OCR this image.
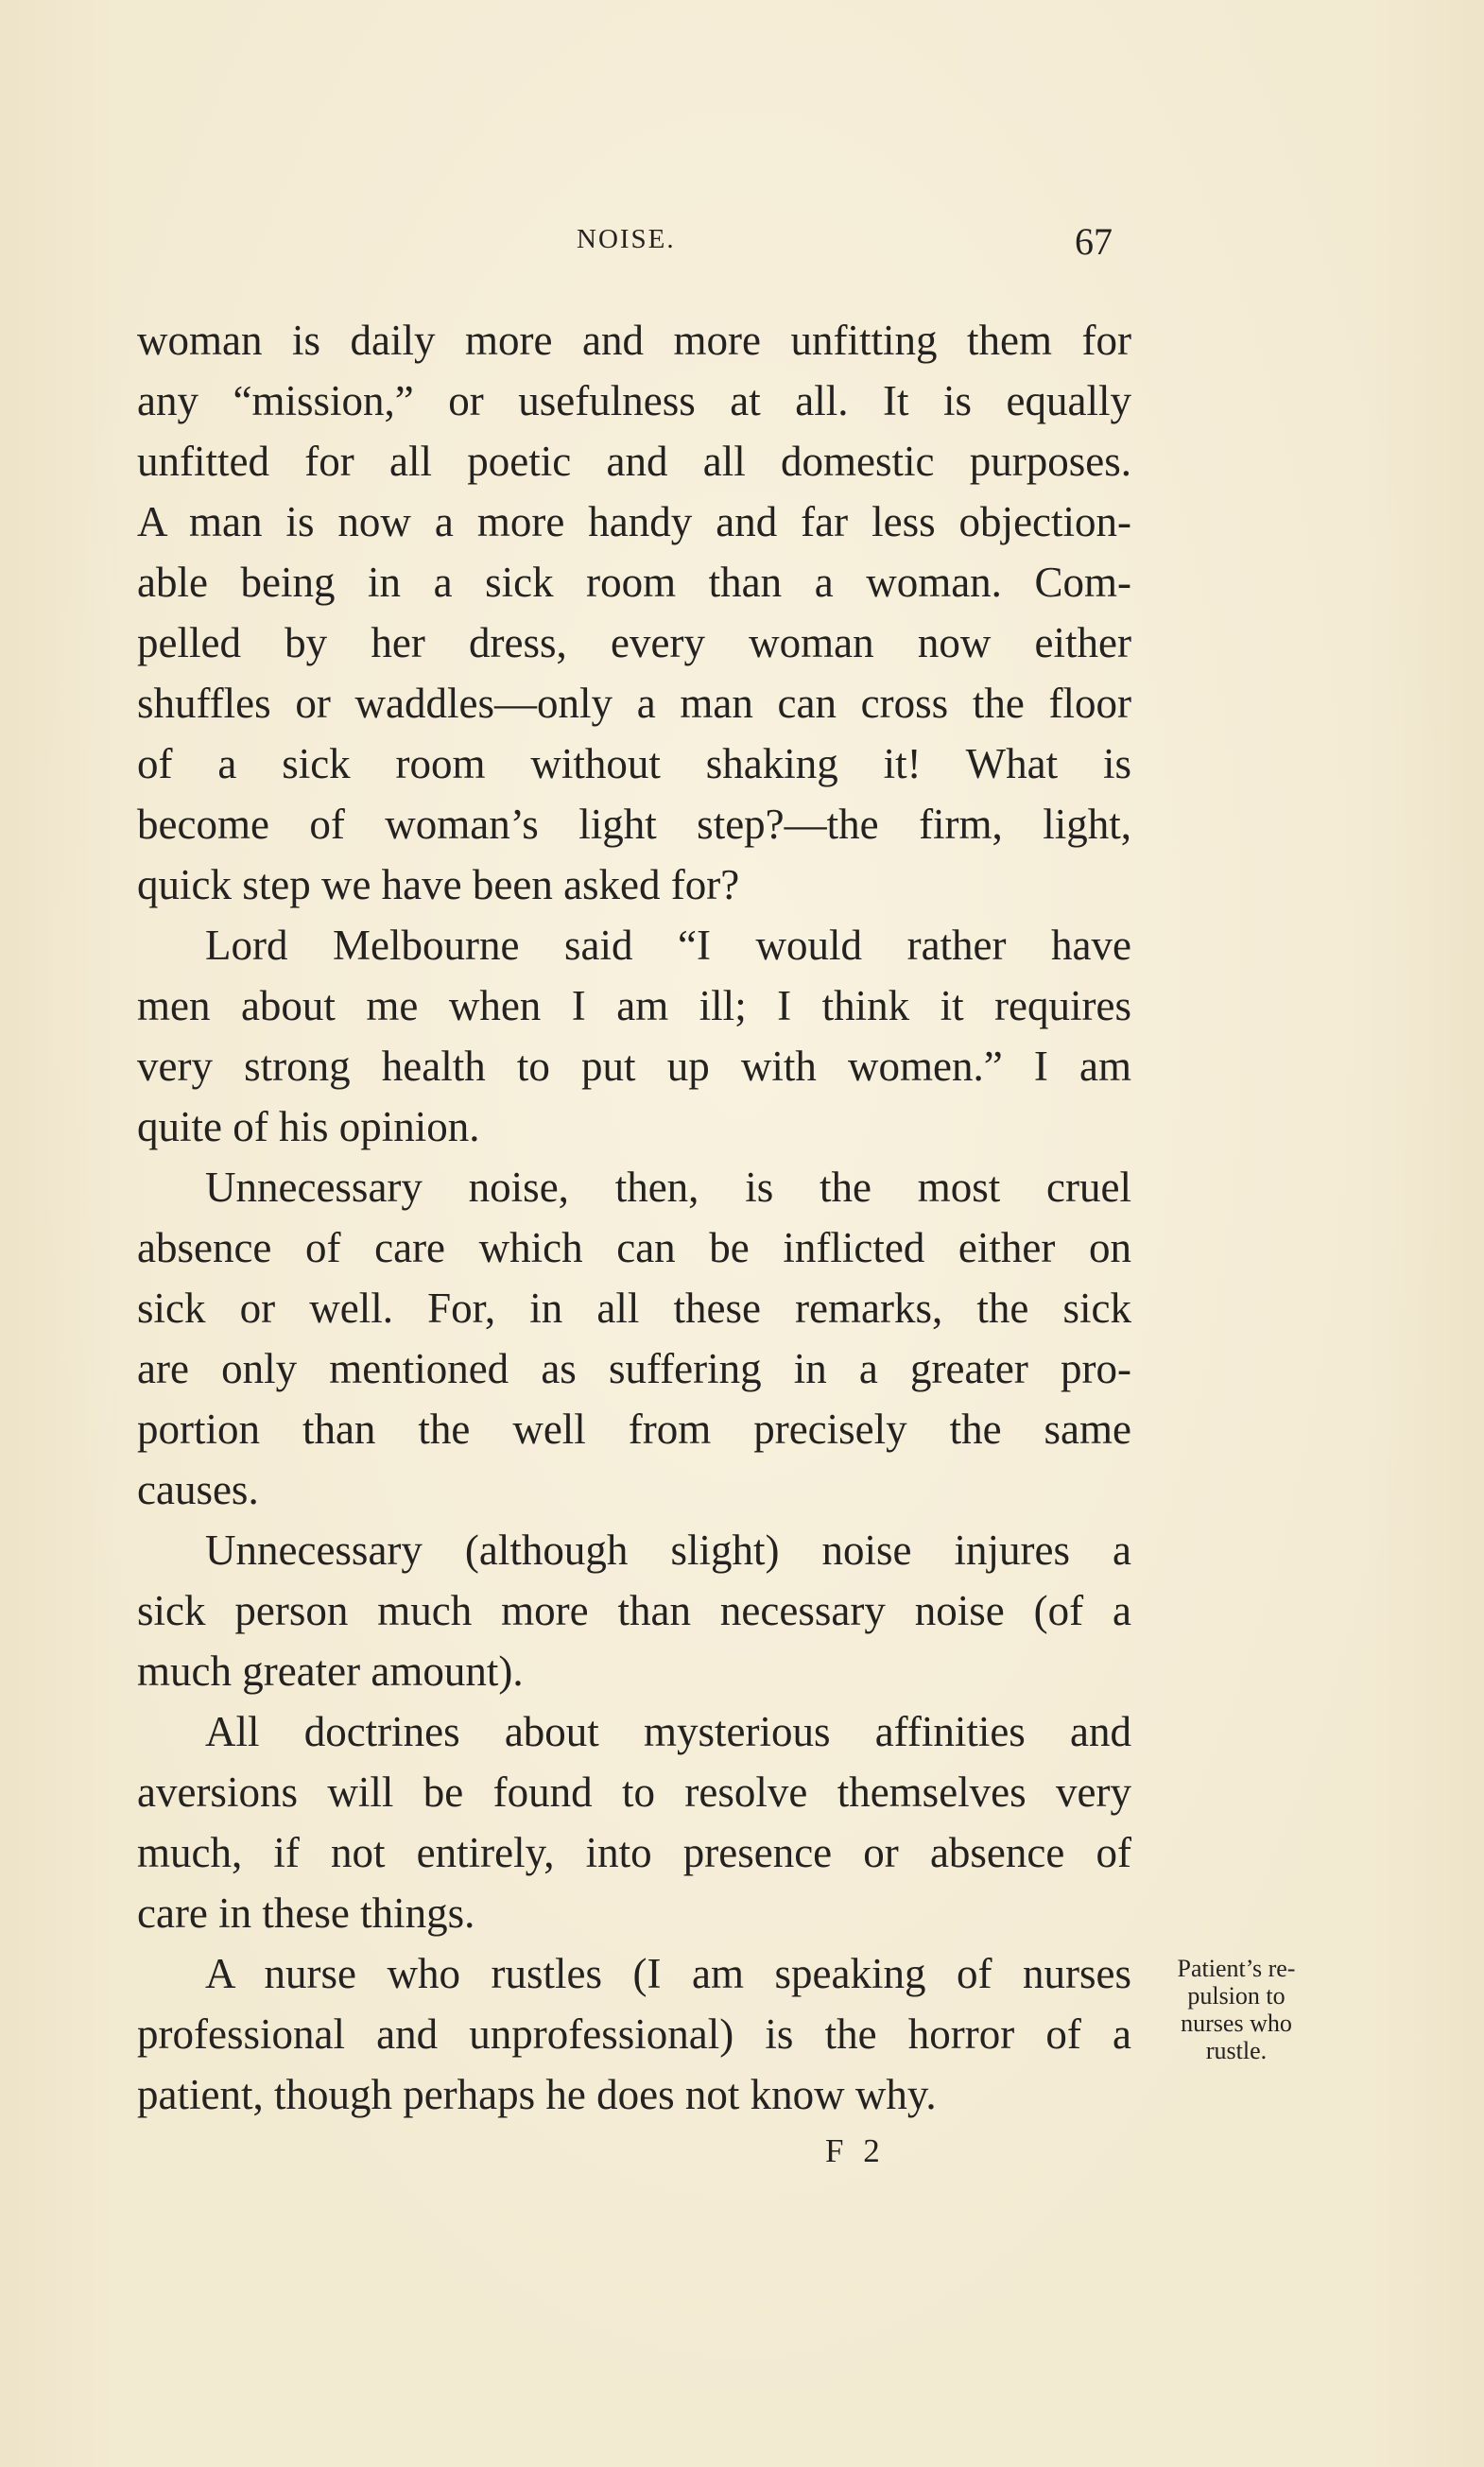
NOISE.	67
woman is daily more and more unfitting them for
any “mission,” or usefulness at all. It is equally
unfitted for all poetic and all domestic purposes.
A man is now a more handy and far less objection-
able being in a sick room than a woman. Com-
pelled by her dress, every woman now either
shuffles or waddles—only a man can cross the floor
of a sick room without shaking it! What is
become of woman’s light step?—the firm, light,
quick step we have been asked for?
Lord Melbourne said “I would rather have
men about me when I am ill; I think it requires
very strong health to put up with women.” I am
quite of his opinion.
Unnecessary noise, then, is the most cruel
absence of care which can be inflicted either on
sick or well. For, in all these remarks, the sick
are only mentioned as suffering in a greater pro-
portion than the well from precisely the same
causes.
Unnecessary (although slight) noise injures a
sick person much more than necessary noise (of a
much greater amount).
All doctrines about mysterious affinities and
aversions will be found to resolve themselves very
much, if not entirely, into presence or absence of
care in these things.
A nurse who rustles (I am speaking of nurses
professional and unprofessional) is the horror of a
patient, though perhaps he does not know why.
Patient’s re-
pulsion to
nurses who
rustle.
F 2
